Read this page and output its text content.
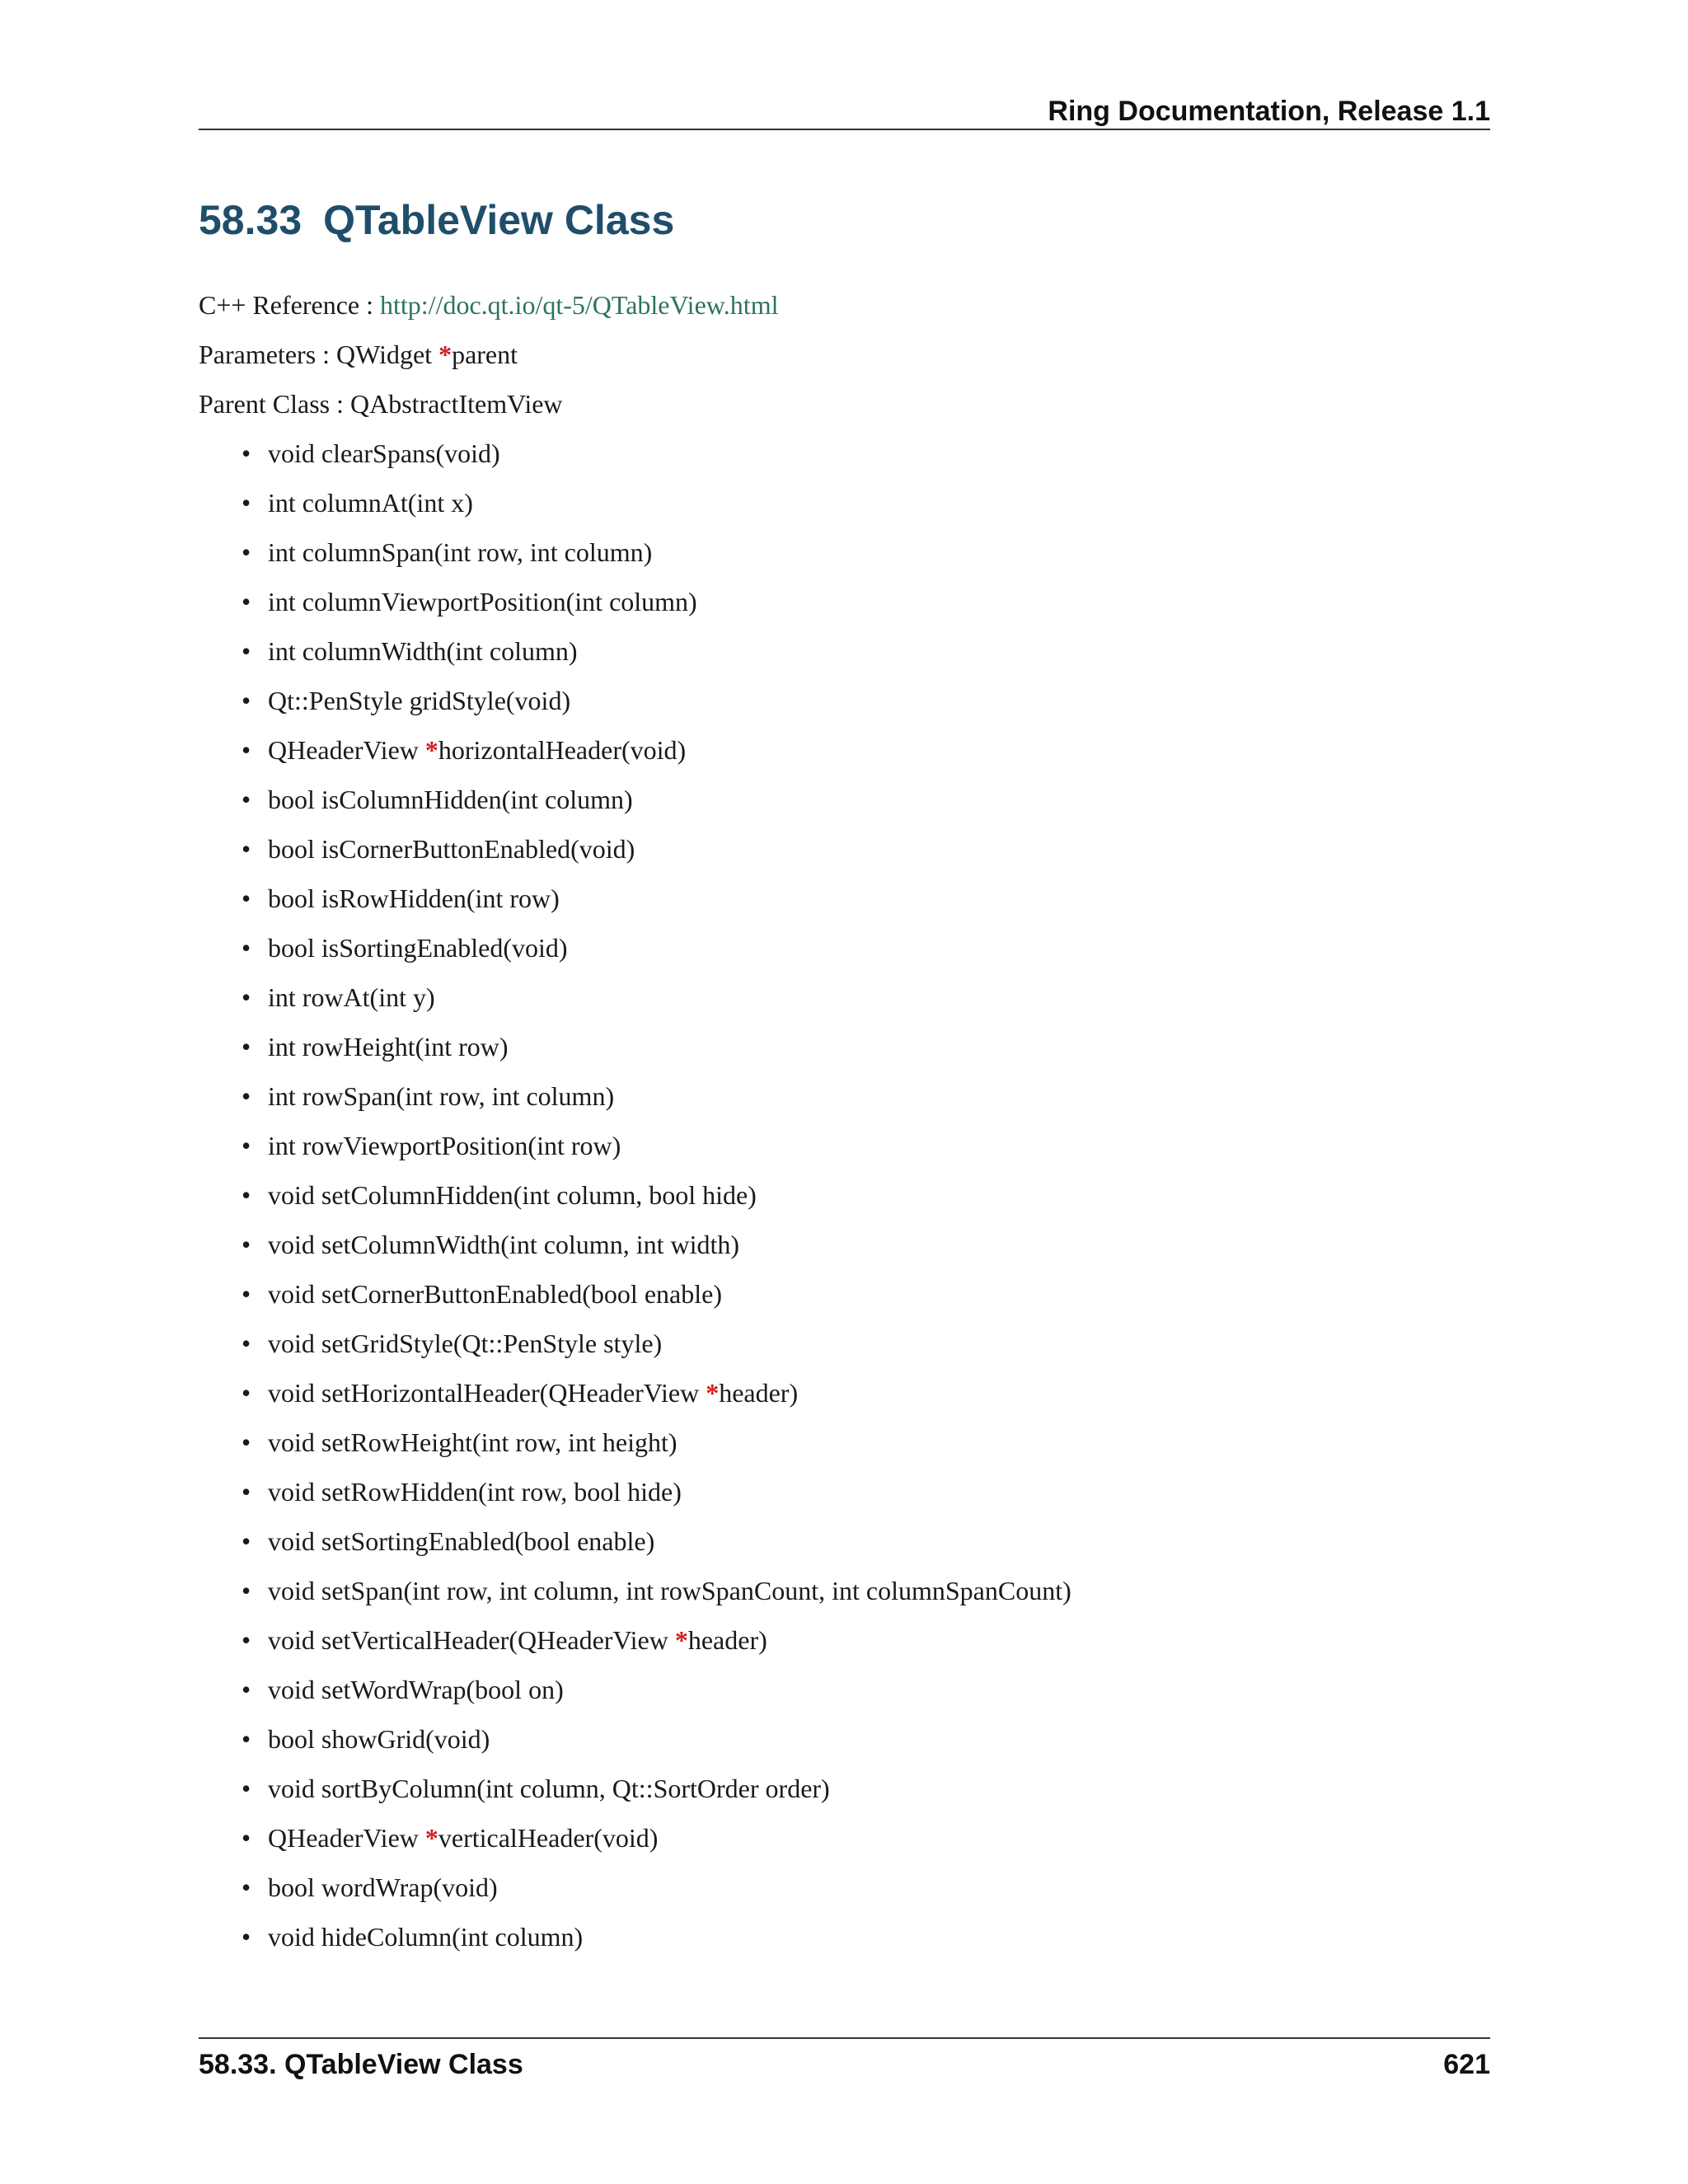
Ring Documentation, Release 1.1
58.33 QTableView Class
C++ Reference : http://doc.qt.io/qt-5/QTableView.html
Parameters : QWidget *parent
Parent Class : QAbstractItemView
• void clearSpans(void)
• int columnAt(int x)
• int columnSpan(int row, int column)
• int columnViewportPosition(int column)
• int columnWidth(int column)
• Qt::PenStyle gridStyle(void)
• QHeaderView *horizontalHeader(void)
• bool isColumnHidden(int column)
• bool isCornerButtonEnabled(void)
• bool isRowHidden(int row)
• bool isSortingEnabled(void)
• int rowAt(int y)
• int rowHeight(int row)
• int rowSpan(int row, int column)
• int rowViewportPosition(int row)
• void setColumnHidden(int column, bool hide)
• void setColumnWidth(int column, int width)
• void setCornerButtonEnabled(bool enable)
• void setGridStyle(Qt::PenStyle style)
• void setHorizontalHeader(QHeaderView *header)
• void setRowHeight(int row, int height)
• void setRowHidden(int row, bool hide)
• void setSortingEnabled(bool enable)
• void setSpan(int row, int column, int rowSpanCount, int columnSpanCount)
• void setVerticalHeader(QHeaderView *header)
• void setWordWrap(bool on)
• bool showGrid(void)
• void sortByColumn(int column, Qt::SortOrder order)
• QHeaderView *verticalHeader(void)
• bool wordWrap(void)
• void hideColumn(int column)
58.33. QTableView Class	621
